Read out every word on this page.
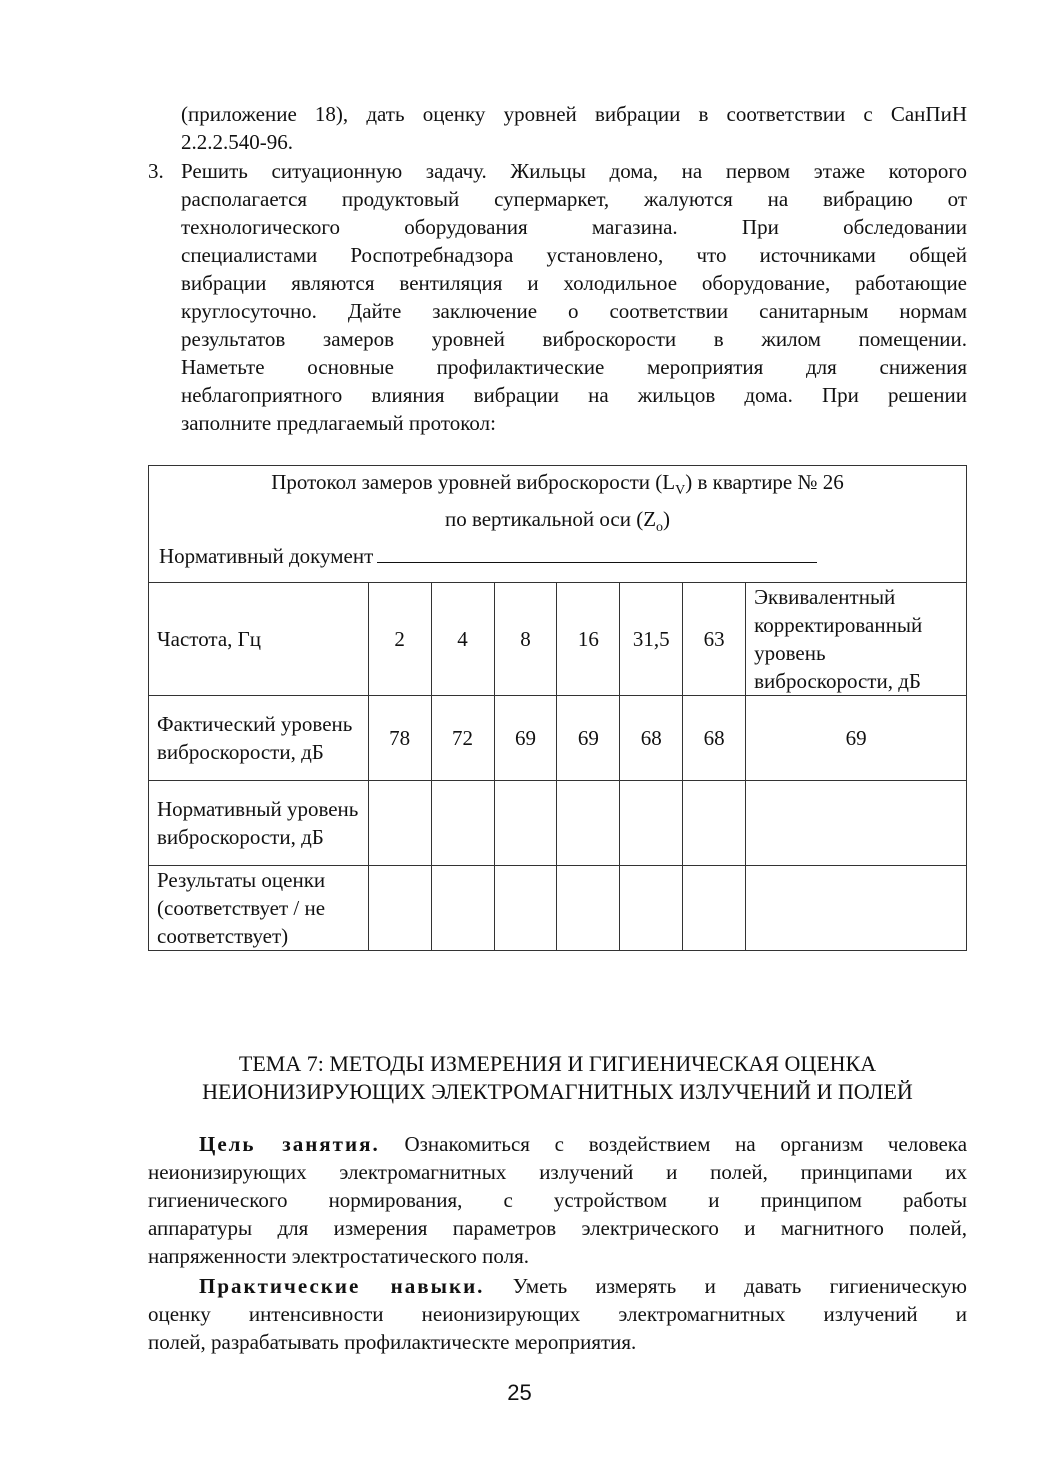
(приложение 18), дать оценку уровней вибрации в соответствии с СанПиН

2.2.2.540-96.

3. Решить ситуационную задачу. Жильцы дома, на первом этаже которого

располагается продуктовый супермаркет, жалуются на вибрацию от

технологического оборудования магазина. При обследовании

специалистами Роспотребнадзора установлено, что источниками общей

вибрации являются вентиляция и холодильное оборудование, работающие

круглосуточно. Дайте заключение о соответствии санитарным нормам

результатов замеров уровней виброскорости в жилом помещении.

Наметьте основные профилактические мероприятия для снижения

неблагоприятного влияния вибрации на жильцов дома. При решении

заполните предлагаемый протокол:

Протокол замеров уровней виброскорости $(L_V)$ в квартире № 26
по вертикальной оси $(Z_o)$
Нормативный документ							

Частота, Гц	2	4	8	16	31,5	63	Эквивалентный корректированный уровень виброскорости, дБ
Фактический уровень виброскорости, дБ	78	72	69	69	68	68	69
Нормативный уровень виброскорости, дБ							
Результаты оценки (соответствует / не соответствует)							
ТЕМА 7: МЕТОДЫ ИЗМЕРЕНИЯ И ГИГИЕНИЧЕСКАЯ ОЦЕНКА
НЕИОНИЗИРУЮЩИХ ЭЛЕКТРОМАГНИТНЫХ ИЗЛУЧЕНИЙ И ПОЛЕЙ

Цель занятия. Ознакомиться с воздействием на организм человека

неионизирующих электромагнитных излучений и полей, принципами их

гигиенического нормирования, с устройством и принципом работы

аппаратуры для измерения параметров электрического и магнитного полей,

напряженности электростатического поля.

Практические навыки. Уметь измерять и давать гигиеническую

оценку интенсивности неионизирующих электромагнитных излучений и

полей, разрабатывать профилактическте мероприятия.

25
